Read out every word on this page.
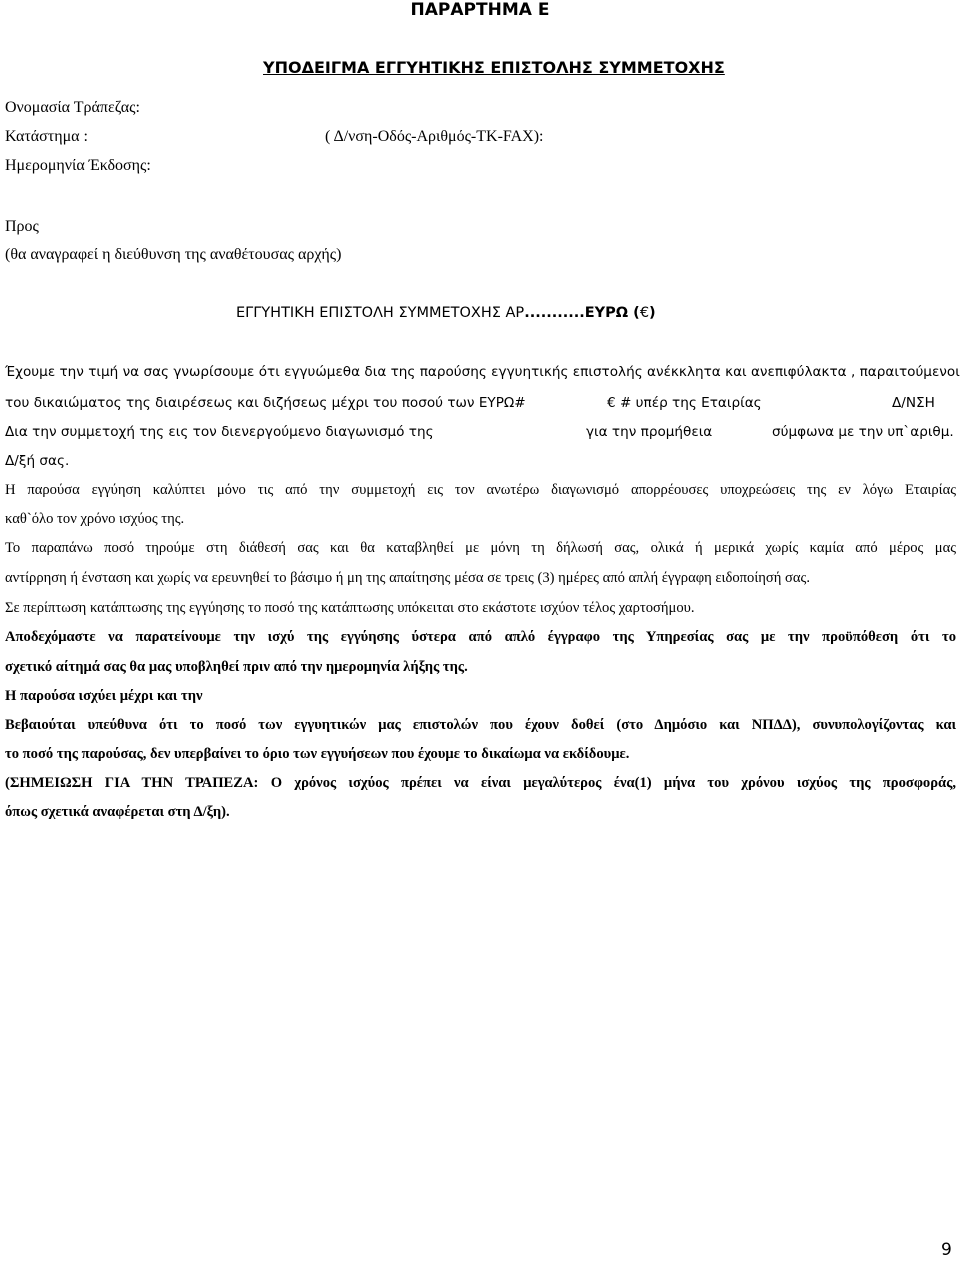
ΠΑΡΑΡΤΗΜΑ Ε
ΥΠΟΔΕΙΓΜΑ ΕΓΓΥΗΤΙΚΗΣ ΕΠΙΣΤΟΛΗΣ ΣΥΜΜΕΤΟΧΗΣ
Ονομασία Τράπεζας:
Κατάστημα :	( Δ/νση-Οδός-Αριθμός-ΤΚ-FAX):
Ημερομηνία Έκδοσης:
Προς
(θα αναγραφεί η διεύθυνση της αναθέτουσας αρχής)
ΕΓΓΥΗΤΙΚΗ ΕΠΙΣΤΟΛΗ ΣΥΜΜΕΤΟΧΗΣ ΑΡ...........ΕΥΡΩ (€)
Έχουμε την τιμή να σας γνωρίσουμε ότι εγγυώμεθα δια της παρούσης εγγυητικής επιστολής ανέκκλητα και ανεπιφύλακτα , παραιτούμενοι
του δικαιώματος της διαιρέσεως και διζήσεως μέχρι του ποσού των ΕΥΡΩ#	€ # υπέρ της Εταιρίας	Δ/ΝΣΗ
Δια την συμμετοχή της εις τον διενεργούμενο διαγωνισμό της	για την προμήθεια	σύμφωνα με την υπ`αριθμ.
Δ/ξή σας.
Η παρούσα εγγύηση καλύπτει μόνο τις από την συμμετοχή εις τον ανωτέρω διαγωνισμό απορρέουσες υποχρεώσεις της εν λόγω Εταιρίας
καθ`όλο τον χρόνο ισχύος της.
Το παραπάνω ποσό τηρούμε στη διάθεσή σας και θα καταβληθεί με μόνη τη δήλωσή σας, ολικά ή μερικά χωρίς καμία από μέρος μας
αντίρρηση ή ένσταση και χωρίς να ερευνηθεί το βάσιμο ή μη της απαίτησης μέσα σε τρεις (3) ημέρες από απλή έγγραφη ειδοποίησή σας.
Σε περίπτωση κατάπτωσης της εγγύησης το ποσό της κατάπτωσης υπόκειται στο εκάστοτε ισχύον τέλος χαρτοσήμου.
Αποδεχόμαστε να παρατείνουμε την ισχύ της εγγύησης ύστερα από απλό έγγραφο της Υπηρεσίας σας με την προϋπόθεση ότι το
σχετικό αίτημά σας θα μας υποβληθεί πριν από την ημερομηνία λήξης της.
Η παρούσα ισχύει μέχρι και την
Βεβαιούται υπεύθυνα ότι το ποσό των εγγυητικών μας επιστολών που έχουν δοθεί (στο Δημόσιο και ΝΠΔΔ), συνυπολογίζοντας και
το ποσό της παρούσας, δεν υπερβαίνει το όριο των εγγυήσεων που έχουμε το δικαίωμα να εκδίδουμε.
(ΣΗΜΕΙΩΣΗ ΓΙΑ ΤΗΝ ΤΡΑΠΕΖΑ: Ο χρόνος ισχύος πρέπει να είναι μεγαλύτερος ένα(1) μήνα του χρόνου ισχύος της προσφοράς,
όπως σχετικά αναφέρεται στη Δ/ξη).
9
